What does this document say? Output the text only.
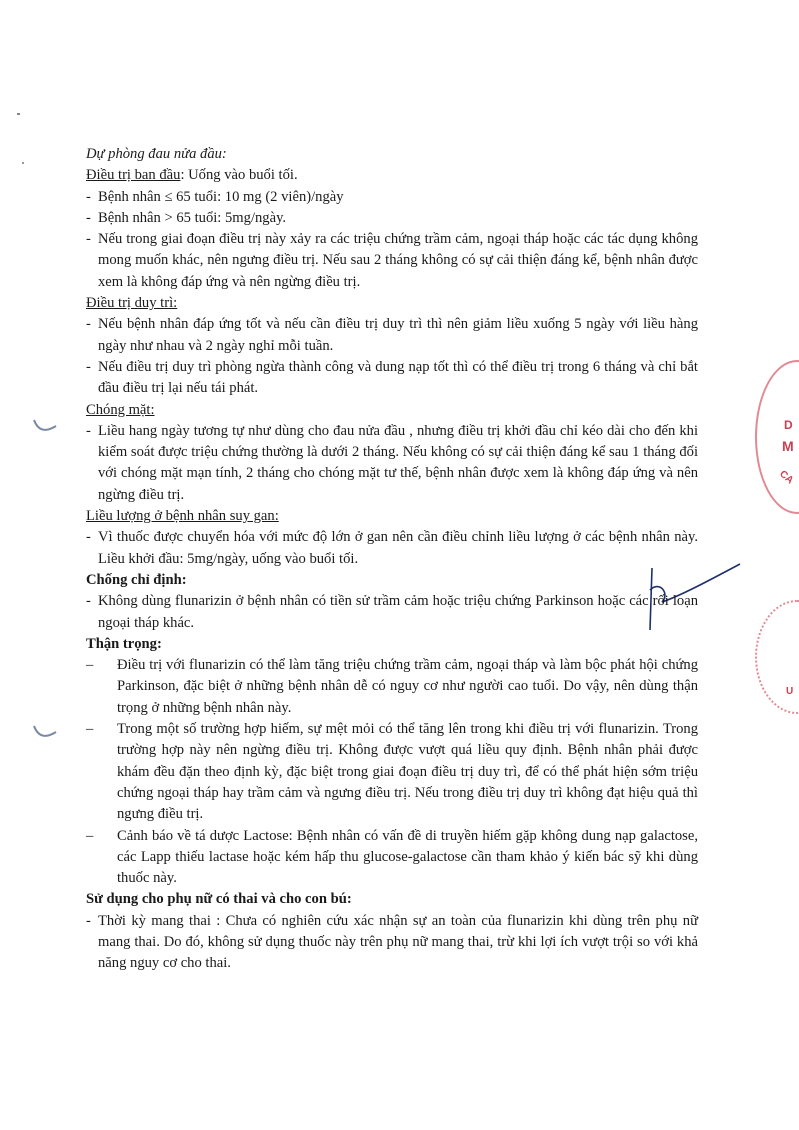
D
M
CA
U
Dự phòng đau nửa đầu:
Điều trị ban đầu: Uống vào buổi tối.
- Bệnh nhân ≤ 65 tuổi: 10 mg (2 viên)/ngày
- Bệnh nhân > 65 tuổi: 5mg/ngày.
- Nếu trong giai đoạn điều trị này xảy ra các triệu chứng trầm cảm, ngoại tháp hoặc các tác dụng không mong muốn khác, nên ngưng điều trị. Nếu sau 2 tháng không có sự cải thiện đáng kể, bệnh nhân được xem là không đáp ứng và nên ngừng điều trị.
Điều trị duy trì:
- Nếu bệnh nhân đáp ứng tốt và nếu cần điều trị duy trì thì nên giảm liều xuống 5 ngày với liều hàng ngày như nhau và 2 ngày nghỉ mỗi tuần.
- Nếu điều trị duy trì phòng ngừa thành công và dung nạp tốt thì có thể điều trị trong 6 tháng và chỉ bắt đầu điều trị lại nếu tái phát.
Chóng mặt:
- Liều hang ngày tương tự như dùng cho đau nửa đầu , nhưng điều trị khởi đầu chỉ kéo dài cho đến khi kiểm soát được triệu chứng thường là dưới 2 tháng. Nếu không có sự cải thiện đáng kể sau 1 tháng đối với chóng mặt mạn tính, 2 tháng cho chóng mặt tư thế, bệnh nhân được xem là không đáp ứng và nên ngừng điều trị.
Liều lượng ở bệnh nhân suy gan:
- Vì thuốc được chuyển hóa với mức độ lớn ở gan nên cần điều chỉnh liều lượng ở các bệnh nhân này. Liều khởi đầu: 5mg/ngày, uống vào buổi tối.
Chống chỉ định:
- Không dùng flunarizin ở bệnh nhân có tiền sử trầm cảm hoặc triệu chứng Parkinson hoặc các rối loạn ngoại tháp khác.
Thận trọng:
– Điều trị với flunarizin có thể làm tăng triệu chứng trầm cảm, ngoại tháp và làm bộc phát hội chứng Parkinson, đặc biệt ở những bệnh nhân dễ có nguy cơ như người cao tuổi. Do vậy, nên dùng thận trọng ở những bệnh nhân này.
– Trong một số trường hợp hiếm, sự mệt mỏi có thể tăng lên trong khi điều trị với flunarizin. Trong trường hợp này nên ngừng điều trị. Không được vượt quá liều quy định. Bệnh nhân phải được khám đều đặn theo định kỳ, đặc biệt trong giai đoạn điều trị duy trì, để có thể phát hiện sớm triệu chứng ngoại tháp hay trầm cảm và ngưng điều trị. Nếu trong điều trị duy trì không đạt hiệu quả thì ngưng điều trị.
– Cảnh báo về tá dược Lactose: Bệnh nhân có vấn đề di truyền hiếm gặp không dung nạp galactose, các Lapp thiếu lactase hoặc kém hấp thu glucose-galactose cần tham khảo ý kiến bác sỹ khi dùng thuốc này.
Sử dụng cho phụ nữ có thai và cho con bú:
- Thời kỳ mang thai : Chưa có nghiên cứu xác nhận sự an toàn của flunarizin khi dùng trên phụ nữ mang thai. Do đó, không sử dụng thuốc này trên phụ nữ mang thai, trừ khi lợi ích vượt trội so với khả năng nguy cơ cho thai.
